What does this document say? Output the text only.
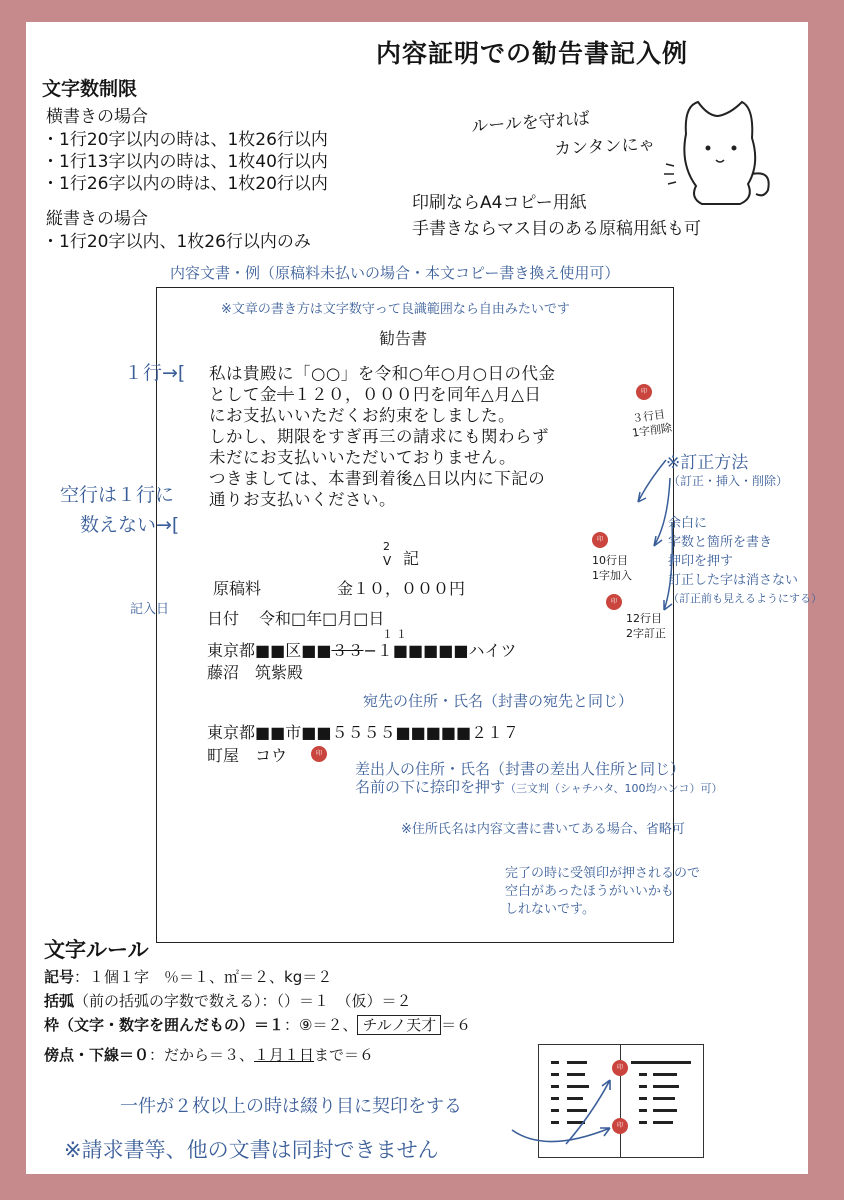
内容証明での勧告書記入例
文字数制限
横書きの場合
・1行20字以内の時は、1枚26行以内
・1行13字以内の時は、1枚40行以内
・1行26字以内の時は、1枚20行以内
縦書きの場合
・1行20字以内、1枚26行以内のみ
ルールを守れば
カンタンにゃ
印刷ならA4コピー用紙
手書きならマス目のある原稿用紙も可
内容文書・例（原稿料未払いの場合・本文コピー書き換え使用可）
※文章の書き方は文字数守って良識範囲なら自由みたいです
勧告書
私は貴殿に「○○」を令和○年○月○日の代金
として金十１２０，０００円を同年△月△日
にお支払いいただくお約束をしました。
しかし、期限をすぎ再三の請求にも関わらず
未だにお支払いいただいておりません。
つきましては、本書到着後△日以内に下記の
通りお支払いください。
2
V 記
原稿料	金１０，０００円
日付 令和□年□月□日
１１
東京都■■区■■３３−１■■■■■ハイツ
藤沼　筑紫殿
宛先の住所・氏名（封書の宛先と同じ）
東京都■■市■■５５５５■■■■■２１７
町屋　コウ	印
差出人の住所・氏名（封書の差出人住所と同じ）
名前の下に捺印を押す（三文判（シャチハタ、100均ハンコ）可）
※住所氏名は内容文書に書いてある場合、省略可
完了の時に受領印が押されるので
空白があったほうがいいかも
しれないです。
１行→[
空行は１行に
数えない→[
記入日
印
３行目
1字削除
印
10行目
1字加入
印
12行目
2字訂正
※訂正方法
（訂正・挿入・削除）
余白に
字数と箇所を書き
押印を押す
訂正した字は消さない
（訂正前も見えるようにする）
文字ルール
記号：１個１字　％＝１、㎡＝２、kg＝２
括弧（前の括弧の字数で数える）：（）＝１　（仮）＝２
枠（文字・数字を囲んだもの）＝１：⑨＝２、 チルノ天才 ＝６
傍点・下線＝０：だから＝３、１月１日まで＝６
一件が２枚以上の時は綴り目に契印をする
※請求書等、他の文書は同封できません
印
印
